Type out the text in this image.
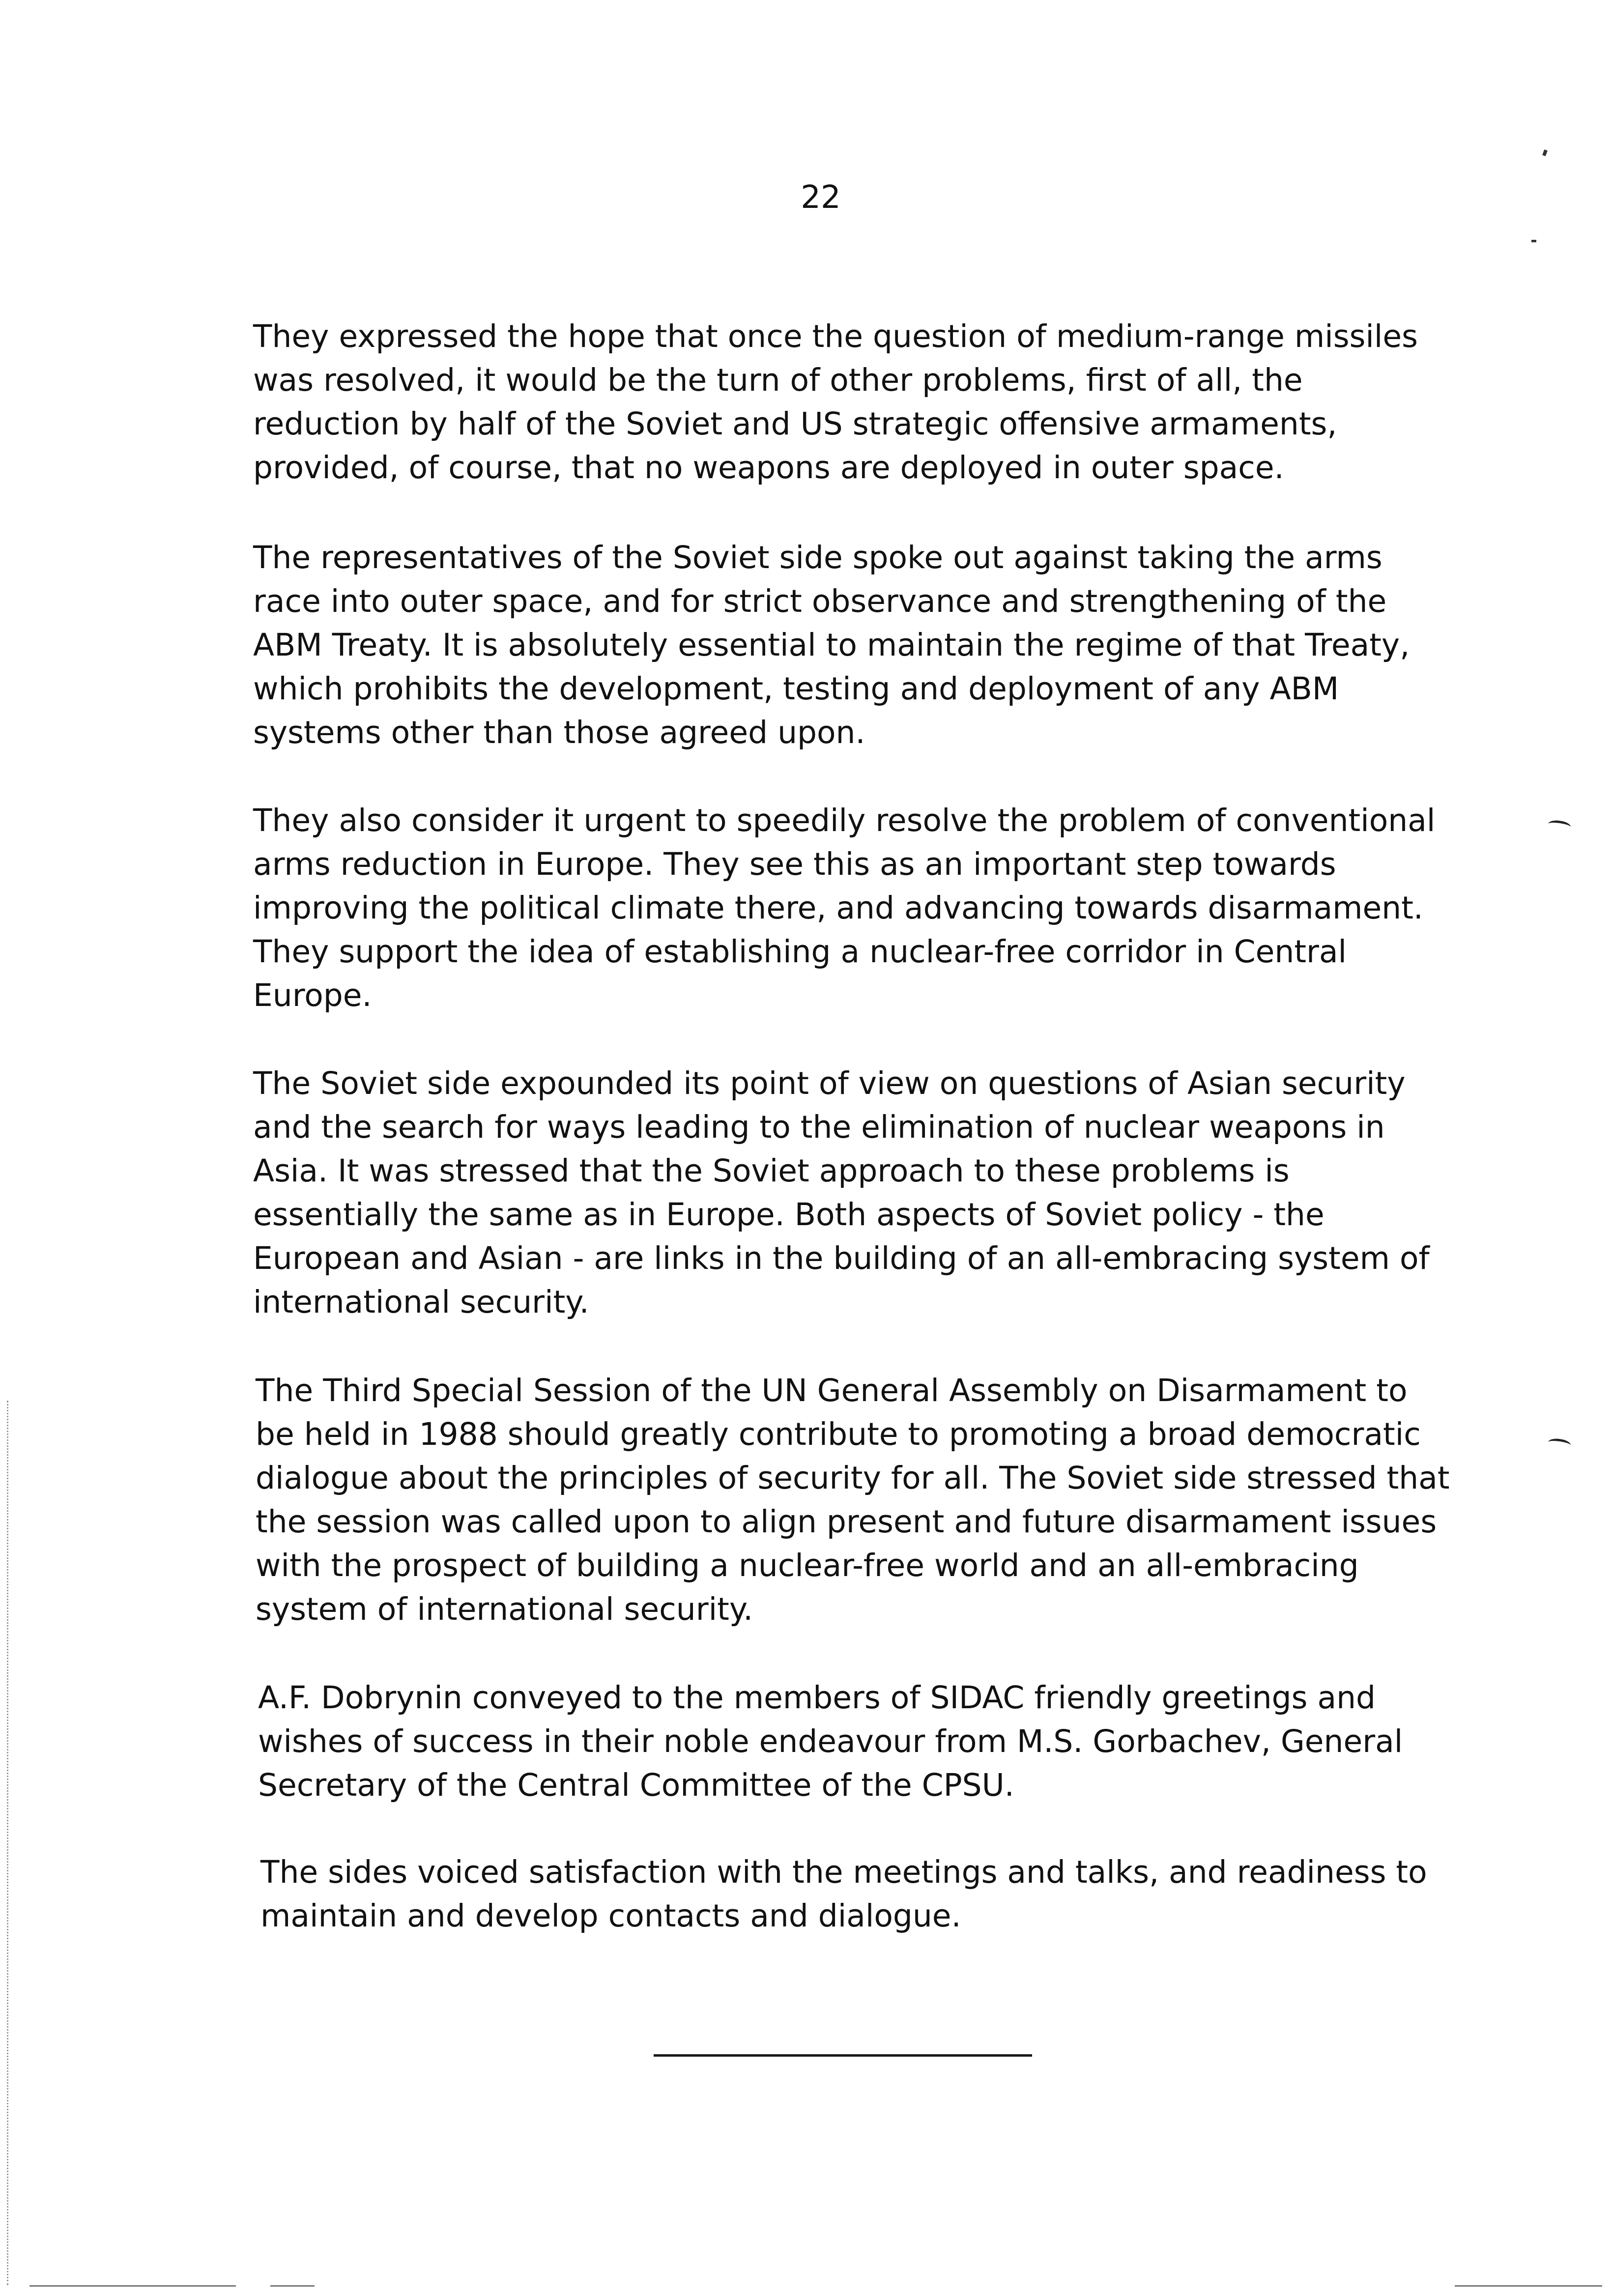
22

They expressed the hope that once the question of medium-range missiles was resolved, it would be the turn of other problems, first of all, the reduction by half of the Soviet and US strategic offensive armaments, provided, of course, that no weapons are deployed in outer space.

The representatives of the Soviet side spoke out against taking the arms race into outer space, and for strict observance and strengthening of the ABM Treaty. It is absolutely essential to maintain the regime of that Treaty, which prohibits the development, testing and deployment of any ABM systems other than those agreed upon.

They also consider it urgent to speedily resolve the problem of conventional arms reduction in Europe. They see this as an important step towards improving the political climate there, and advancing towards disarmament. They support the idea of establishing a nuclear-free corridor in Central Europe.

The Soviet side expounded its point of view on questions of Asian security and the search for ways leading to the elimination of nuclear weapons in Asia. It was stressed that the Soviet approach to these problems is essentially the same as in Europe. Both aspects of Soviet policy - the European and Asian - are links in the building of an all-embracing system of international security.

The Third Special Session of the UN General Assembly on Disarmament to be held in 1988 should greatly contribute to promoting a broad democratic dialogue about the principles of security for all. The Soviet side stressed that the session was called upon to align present and future disarmament issues with the prospect of building a nuclear-free world and an all-embracing system of international security.

A.F. Dobrynin conveyed to the members of SIDAC friendly greetings and wishes of success in their noble endeavour from M.S. Gorbachev, General Secretary of the Central Committee of the CPSU.

The sides voiced satisfaction with the meetings and talks, and readiness to maintain and develop contacts and dialogue.
